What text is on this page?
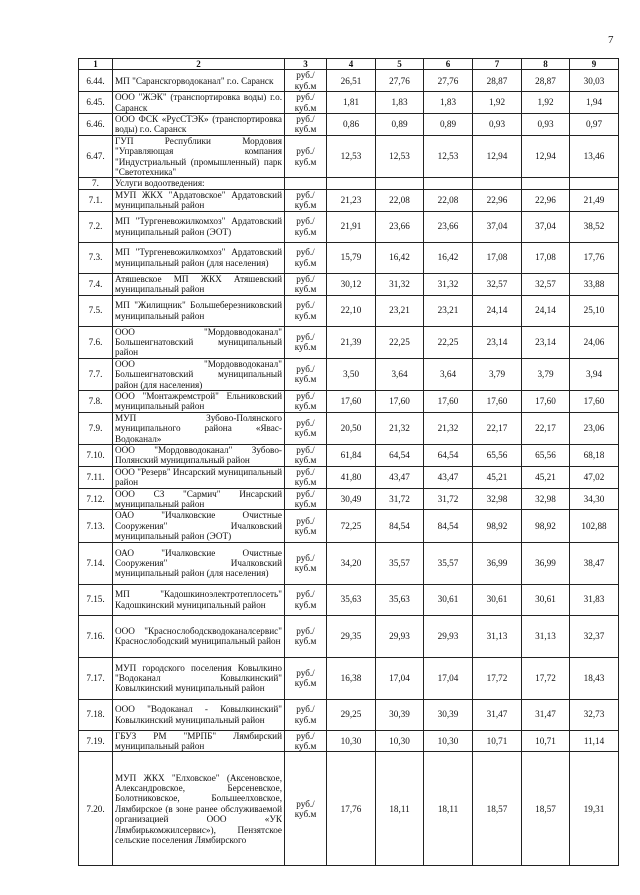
7
1	2	3	4	5	6	7	8	9
6.44.	МП "Саранскгорводоканал" г.о. Саранск	руб./ куб.м	26,51	27,76	27,76	28,87	28,87	30,03
6.45.	ООО "ЖЭК" (транспортировка воды) г.о. Саранск	руб./ куб.м	1,81	1,83	1,83	1,92	1,92	1,94
6.46.	ООО ФСК «РусСТЭК» (транспортировка воды) г.о. Саранск	руб./ куб.м	0,86	0,89	0,89	0,93	0,93	0,97
6.47.	ГУП Республики Мордовия "Управляющая компания "Индустриальный (промышленный) парк "Светотехника"	руб./ куб.м	12,53	12,53	12,53	12,94	12,94	13,46
7.	Услуги водоотведения:							
7.1.	МУП ЖКХ "Ардатовское" Ардатовский муниципальный район	руб./ куб.м	21,23	22,08	22,08	22,96	22,96	21,49
7.2.	МП "Тургеневожилкомхоз" Ардатовский муниципальный район (ЭОТ)	руб./ куб.м	21,91	23,66	23,66	37,04	37,04	38,52
7.3.	МП "Тургеневожилкомхоз" Ардатовский муниципальный район (для населения)	руб./ куб.м	15,79	16,42	16,42	17,08	17,08	17,76
7.4.	Атяшевское МП ЖКХ Атяшевский муниципальный район	руб./ куб.м	30,12	31,32	31,32	32,57	32,57	33,88
7.5.	МП "Жилищник" Большеберезниковский муниципальный район	руб./ куб.м	22,10	23,21	23,21	24,14	24,14	25,10
7.6.	ООО "Мордовводоканал" Большеигнатовский муниципальный район	руб./ куб.м	21,39	22,25	22,25	23,14	23,14	24,06
7.7.	ООО "Мордовводоканал" Большеигнатовский муниципальный район (для населения)	руб./ куб.м	3,50	3,64	3,64	3,79	3,79	3,94
7.8.	ООО "Монтажремстрой" Ельниковский муниципальный район	руб./ куб.м	17,60	17,60	17,60	17,60	17,60	17,60
7.9.	МУП Зубово-Полянского муниципального района «Явас-Водоканал»	руб./ куб.м	20,50	21,32	21,32	22,17	22,17	23,06
7.10.	ООО "Мордовводоканал" Зубово-Полянский муниципальный район	руб./ куб.м	61,84	64,54	64,54	65,56	65,56	68,18
7.11.	ООО "Резерв" Инсарский муниципальный район	руб./ куб.м	41,80	43,47	43,47	45,21	45,21	47,02
7.12.	ООО СЗ "Сармич" Инсарский муниципальный район	руб./ куб.м	30,49	31,72	31,72	32,98	32,98	34,30
7.13.	ОАО "Ичалковские Очистные Сооружения" Ичалковский муниципальный район (ЭОТ)	руб./ куб.м	72,25	84,54	84,54	98,92	98,92	102,88
7.14.	ОАО "Ичалковские Очистные Сооружения" Ичалковский муниципальный район (для населения)	руб./ куб.м	34,20	35,57	35,57	36,99	36,99	38,47
7.15.	МП "Кадошкиноэлектротеплосеть" Кадошкинский муниципальный район	руб./ куб.м	35,63	35,63	30,61	30,61	30,61	31,83
7.16.	ООО "Краснослободскводоканалсервис" Краснослободский муниципальный район	руб./ куб.м	29,35	29,93	29,93	31,13	31,13	32,37
7.17.	МУП городского поселения Ковылкино "Водоканал Ковылкинский" Ковылкинский муниципальный район	руб./ куб.м	16,38	17,04	17,04	17,72	17,72	18,43
7.18.	ООО "Водоканал - Ковылкинский" Ковылкинский муниципальный район	руб./ куб.м	29,25	30,39	30,39	31,47	31,47	32,73
7.19.	ГБУЗ РМ "МРПБ" Лямбирский муниципальный район	руб./ куб.м	10,30	10,30	10,30	10,71	10,71	11,14
7.20.	МУП ЖКХ "Елховское" (Аксеновское, Александровское, Берсеневское, Болотниковское, Большеелховское, Лямбирское (в зоне ранее обслуживаемой организацией ООО «УК Лямбирькомжилсервис»), Пензятское сельские поселения Лямбирского	руб./ куб.м	17,76	18,11	18,11	18,57	18,57	19,31
